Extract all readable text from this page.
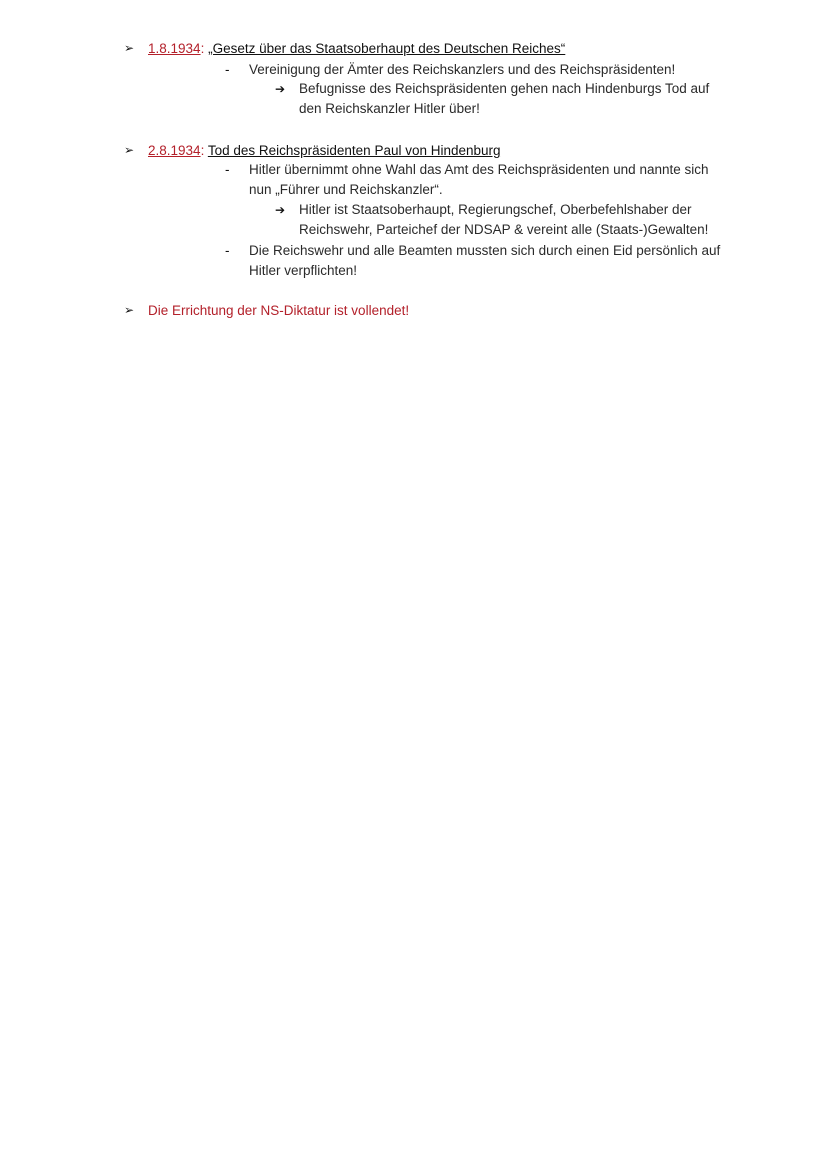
➢ 1.8.1934: „Gesetz über das Staatsoberhaupt des Deutschen Reiches“
- Vereinigung der Ämter des Reichskanzlers und des Reichspräsidenten!
➔ Befugnisse des Reichspräsidenten gehen nach Hindenburgs Tod auf
den Reichskanzler Hitler über!
➢ 2.8.1934: Tod des Reichspräsidenten Paul von Hindenburg
- Hitler übernimmt ohne Wahl das Amt des Reichspräsidenten und nannte sich
nun „Führer und Reichskanzler“.
➔ Hitler ist Staatsoberhaupt, Regierungschef, Oberbefehlshaber der
Reichswehr, Parteichef der NDSAP & vereint alle (Staats-)Gewalten!
- Die Reichswehr und alle Beamten mussten sich durch einen Eid persönlich auf
Hitler verpflichten!
➢ Die Errichtung der NS-Diktatur ist vollendet!
